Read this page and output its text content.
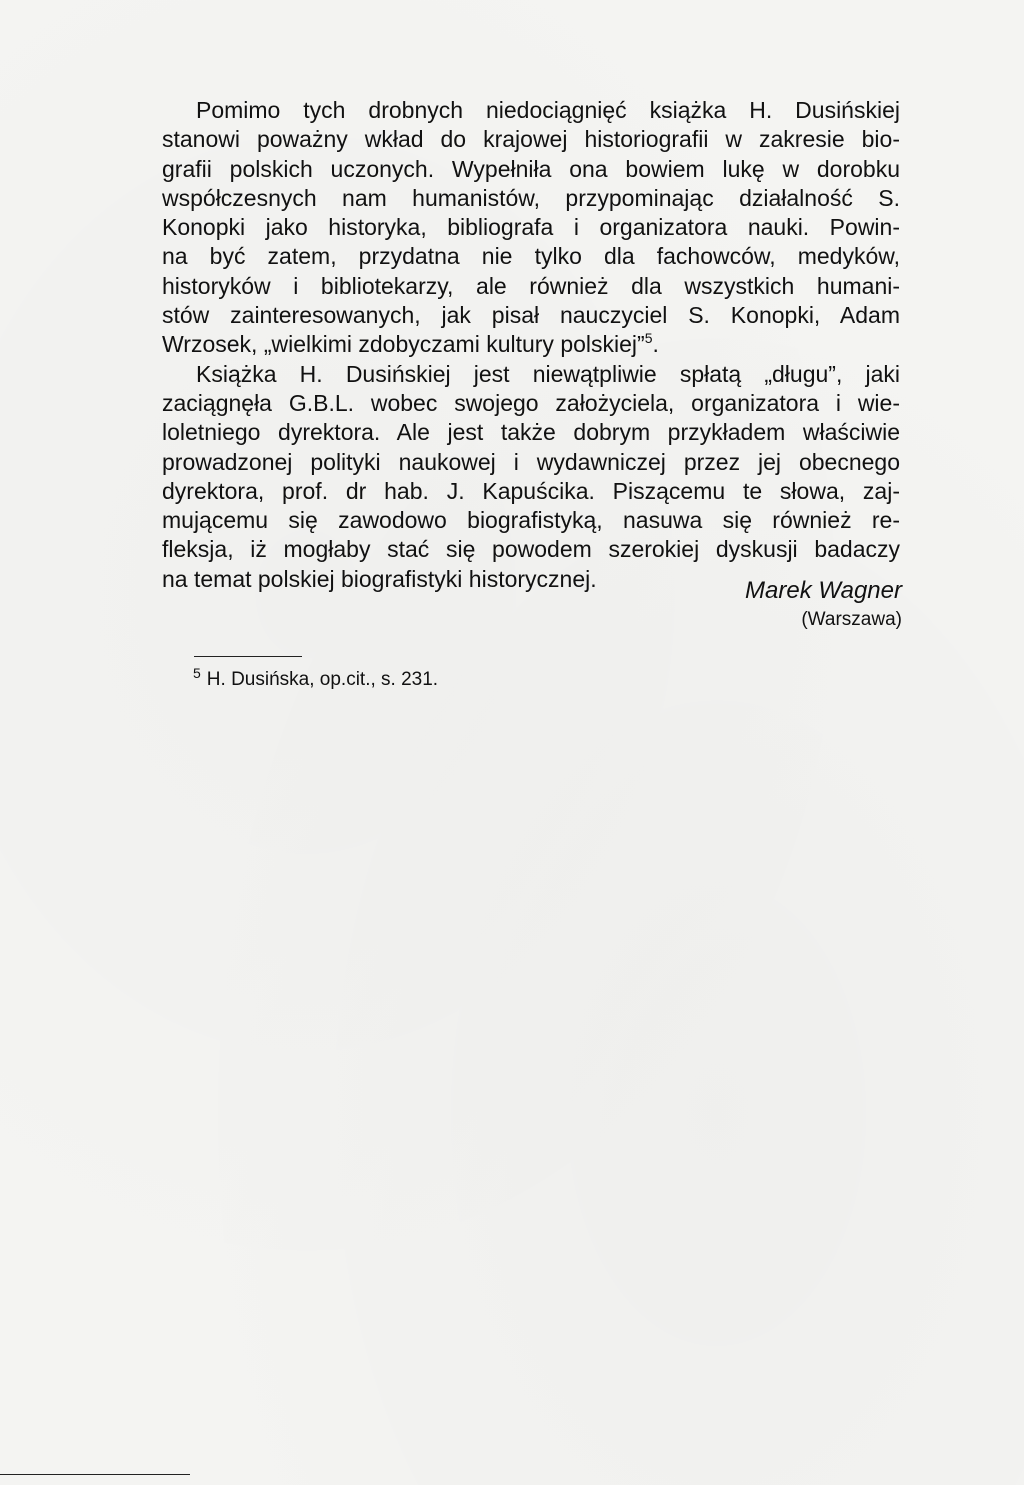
Pomimo tych drobnych niedociągnięć książka H. Dusińskiej
stanowi poważny wkład do krajowej historiografii w zakresie bio-
grafii polskich uczonych. Wypełniła ona bowiem lukę w dorobku
współczesnych nam humanistów, przypominając działalność S.
Konopki jako historyka, bibliografa i organizatora nauki. Powin-
na być zatem, przydatna nie tylko dla fachowców, medyków,
historyków i bibliotekarzy, ale również dla wszystkich humani-
stów zainteresowanych, jak pisał nauczyciel S. Konopki, Adam
Wrzosek, „wielkimi zdobyczami kultury polskiej”$^5$.
Książka H. Dusińskiej jest niewątpliwie spłatą „długu”, jaki
zaciągnęła G.B.L. wobec swojego założyciela, organizatora i wie-
loletniego dyrektora. Ale jest także dobrym przykładem właściwie
prowadzonej polityki naukowej i wydawniczej przez jej obecnego
dyrektora, prof. dr hab. J. Kapuścika. Piszącemu te słowa, zaj-
mującemu się zawodowo biografistyką, nasuwa się również re-
fleksja, iż mogłaby stać się powodem szerokiej dyskusji badaczy
na temat polskiej biografistyki historycznej.	Marek Wagner
(Warszawa)
$^5$ H. Dusińska, op.cit., s. 231.
